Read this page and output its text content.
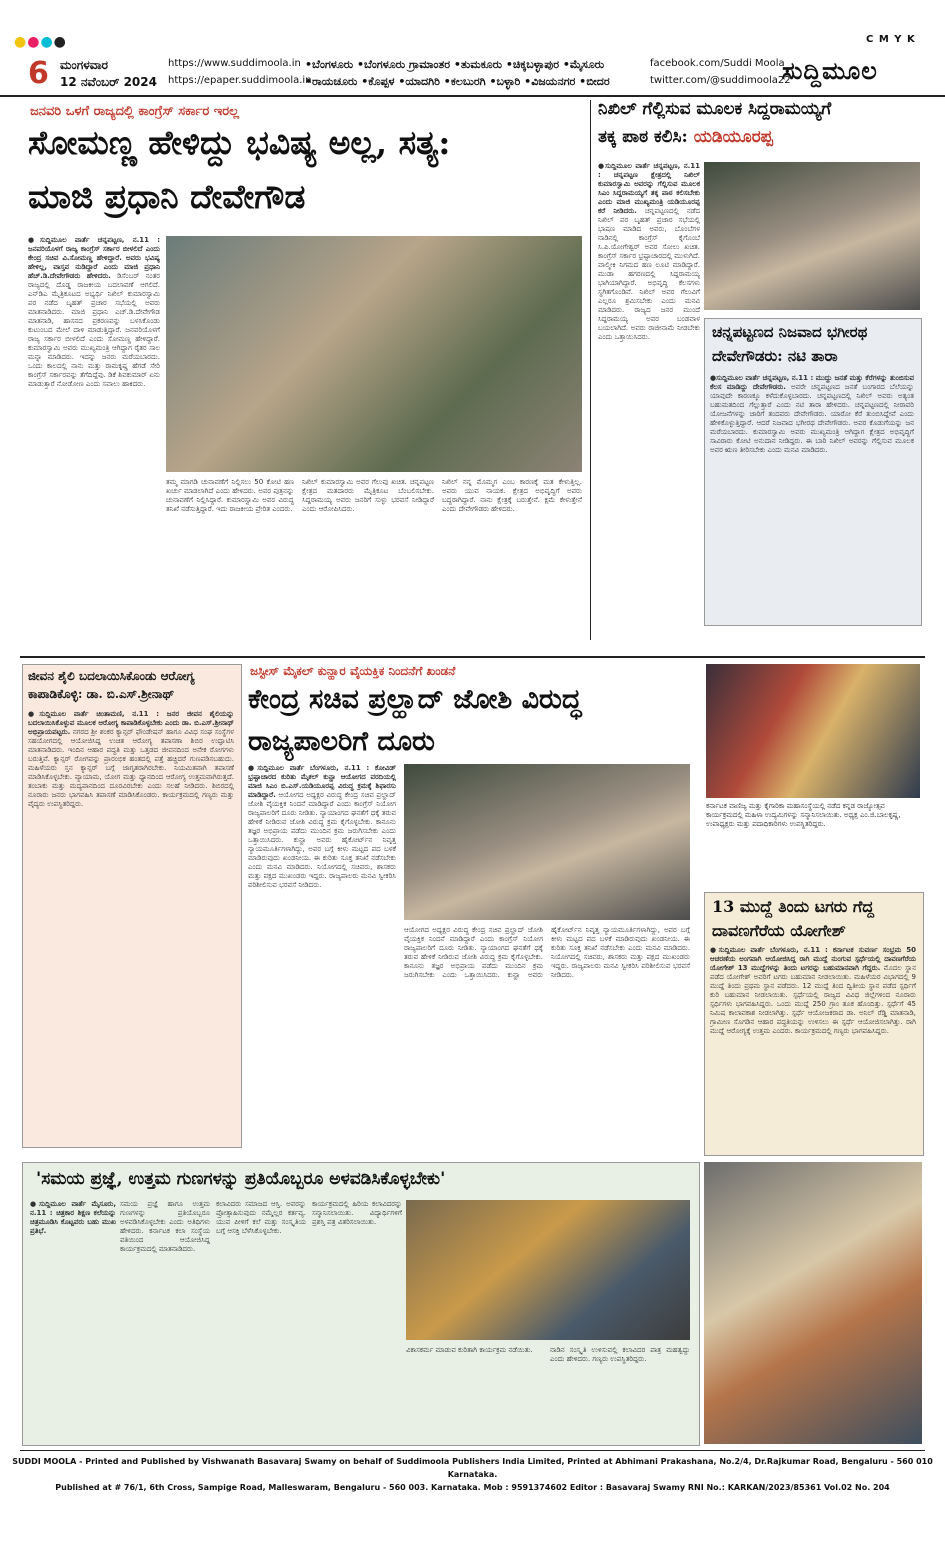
●●●●	C M Y K
6 ಮಂಗಳವಾರ
12 ನವೆಂಬರ್ 2024
https://www.suddimoola.in
https://epaper.suddimoola.in
•ಬೆಂಗಳೂರು •ಬೆಂಗಳೂರು ಗ್ರಾಮಾಂತರ •ತುಮಕೂರು •ಚಿಕ್ಕಬಳ್ಳಾಪುರ •ಮೈಸೂರು
•ರಾಯಚೂರು •ಕೊಪ್ಪಳ •ಯಾದಗಿರಿ •ಕಲಬುರಗಿ •ಬಳ್ಳಾರಿ •ವಿಜಯನಗರ •ಬೀದರ
facebook.com/Suddi Moola
twitter.com/@suddimoola22
ಸುದ್ದಿಮೂಲ
ಜನವರಿ ಒಳಗೆ ರಾಜ್ಯದಲ್ಲಿ ಕಾಂಗ್ರೆಸ್ ಸರ್ಕಾರ ಇರಲ್ಲ
ಸೋಮಣ್ಣ ಹೇಳಿದ್ದು ಭವಿಷ್ಯ ಅಲ್ಲ, ಸತ್ಯ:
ಮಾಜಿ ಪ್ರಧಾನಿ ದೇವೇಗೌಡ
●ಸುದ್ದಿಮೂಲ ವಾರ್ತೆ ಚನ್ನಪಟ್ಟಣ, ನ.11 : ಜನವರಿಯೊಳಗೆ ರಾಜ್ಯ ಕಾಂಗ್ರೆಸ್ ಸರ್ಕಾರ ಬೀಳಲಿದೆ ಎಂದು ಕೇಂದ್ರ ಸಚಿವ ವಿ.ಸೋಮಣ್ಣ ಹೇಳಿದ್ದಾರೆ. ಅವರು ಭವಿಷ್ಯ ಹೇಳಿಲ್ಲ, ವಾಸ್ತವ ನುಡಿದ್ದಾರೆ ಎಂದು ಮಾಜಿ ಪ್ರಧಾನಿ ಹೆಚ್.ಡಿ.ದೇವೇಗೌಡರು ಹೇಳಿದರು. ಡಿಸೆಂಬರ್ ನಂತರ ರಾಜ್ಯದಲ್ಲಿ ದೊಡ್ಡ ರಾಜಕೀಯ ಬದಲಾವಣೆ ಆಗಲಿದೆ. ಎನ್‌ಡಿಎ ಮೈತ್ರಿಕೂಟದ ಅಭ್ಯರ್ಥಿ ನಿಖಿಲ್ ಕುಮಾರಸ್ವಾಮಿ ಪರ ನಡೆದ ಬೃಹತ್ ಪ್ರಚಾರ ಸಭೆಯಲ್ಲಿ ಅವರು ಮಾತನಾಡಿದರು. ಮಾಜಿ ಪ್ರಧಾನಿ ಎಚ್.ಡಿ.ದೇವೇಗೌಡ ಮಾತನಾಡಿ, ಹಾಸನದ ಪ್ರಕರಣವನ್ನು ಬಳಸಿಕೊಂಡು ಕುಟುಂಬದ ಮೇಲೆ ದಾಳಿ ಮಾಡುತ್ತಿದ್ದಾರೆ. ಜನವರಿಯೊಳಗೆ ರಾಜ್ಯ ಸರ್ಕಾರ ಬೀಳಲಿದೆ ಎಂದು ಸೋಮಣ್ಣ ಹೇಳಿದ್ದಾರೆ. ಕುಮಾರಸ್ವಾಮಿ ಅವರು ಮುಖ್ಯಮಂತ್ರಿ ಆಗಿದ್ದಾಗ ರೈತರ ಸಾಲ ಮನ್ನಾ ಮಾಡಿದರು. ಇದನ್ನು ಜನರು ಮರೆಯಬಾರದು. ಒಂದು ಕಾಲದಲ್ಲಿ ನಾನು ಮತ್ತು ರಾಮಕೃಷ್ಣ ಹೆಗಡೆ ಸೇರಿ ಕಾಂಗ್ರೆಸ್ ಸರ್ಕಾರವನ್ನು ತೆಗೆದಿದ್ದೆವು. ಡಿಕೆ ಶಿವಕುಮಾರ್ ಏನು ಮಾಡುತ್ತಾರೆ ನೋಡೋಣ ಎಂದು ಸವಾಲು ಹಾಕಿದರು.
ತಮ್ಮ ಮಾಗಡಿ ಚುನಾವಣೆಗೆ ನಿಲ್ಲಿಸಲು 50 ಕೋಟಿ ಹಣ ಖರ್ಚು ಮಾಡಲಾಗಿದೆ ಎಂದು ಹೇಳಿದರು. ಅವರ ಪುತ್ರನನ್ನು ಚುನಾವಣೆಗೆ ನಿಲ್ಲಿಸಿದ್ದಾರೆ. ಕುಮಾರಸ್ವಾಮಿ ಅವರ ವಿರುದ್ಧ ತನಿಖೆ ನಡೆಸುತ್ತಿದ್ದಾರೆ. ಇದು ರಾಜಕೀಯ ಪ್ರೇರಿತ ಎಂದರು.
ನಿಖಿಲ್ ಕುಮಾರಸ್ವಾಮಿ ಅವರ ಗೆಲುವು ಖಚಿತ. ಚನ್ನಪಟ್ಟಣ ಕ್ಷೇತ್ರದ ಮತದಾರರು ಮೈತ್ರಿಕೂಟ ಬೆಂಬಲಿಸಬೇಕು. ಸಿದ್ದರಾಮಯ್ಯ ಅವರು ಜನರಿಗೆ ಸುಳ್ಳು ಭರವಸೆ ನೀಡಿದ್ದಾರೆ ಎಂದು ಆರೋಪಿಸಿದರು.
ನಿಖಿಲ್ ನನ್ನ ಮೊಮ್ಮಗ ಎಂಬ ಕಾರಣಕ್ಕೆ ಮತ ಕೇಳುತ್ತಿಲ್ಲ. ಅವರು ಯುವ ನಾಯಕ. ಕ್ಷೇತ್ರದ ಅಭಿವೃದ್ಧಿಗೆ ಅವರು ಬದ್ಧರಾಗಿದ್ದಾರೆ. ನಾನು ಕ್ಷೇತ್ರಕ್ಕೆ ಬರುತ್ತೇನೆ. ಕ್ಷಮೆ ಕೇಳುತ್ತೇನೆ ಎಂದು ದೇವೇಗೌಡರು ಹೇಳಿದರು.
ನಿಖಿಲ್ ಗೆಲ್ಲಿಸುವ ಮೂಲಕ ಸಿದ್ದರಾಮಯ್ಯಗೆ
ತಕ್ಕ ಪಾಠ ಕಲಿಸಿ: ಯಡಿಯೂರಪ್ಪ
●ಸುದ್ದಿಮೂಲ ವಾರ್ತೆ ಚನ್ನಪಟ್ಟಣ, ನ.11 : ಚನ್ನಪಟ್ಟಣ ಕ್ಷೇತ್ರದಲ್ಲಿ ನಿಖಿಲ್ ಕುಮಾರಸ್ವಾಮಿ ಅವರನ್ನು ಗೆಲ್ಲಿಸುವ ಮೂಲಕ ಸಿಎಂ ಸಿದ್ದರಾಮಯ್ಯಗೆ ತಕ್ಕ ಪಾಠ ಕಲಿಸಬೇಕು ಎಂದು ಮಾಜಿ ಮುಖ್ಯಮಂತ್ರಿ ಯಡಿಯೂರಪ್ಪ ಕರೆ ನೀಡಿದರು. ಚನ್ನಪಟ್ಟಣದಲ್ಲಿ ನಡೆದ ನಿಖಿಲ್ ಪರ ಬೃಹತ್ ಪ್ರಚಾರ ಸಭೆಯಲ್ಲಿ ಭಾಷಣ ಮಾಡಿದ ಅವರು, ಬೊಂಬೆಗಳ ನಾಡಿನಲ್ಲಿ ಕಾಂಗ್ರೆಸ್ ಕೈಗೊಂಬೆ ಸಿ.ಪಿ.ಯೋಗೇಶ್ವರ್ ಅವರ ಸೋಲು ಖಚಿತ. ಕಾಂಗ್ರೆಸ್ ಸರ್ಕಾರ ಭ್ರಷ್ಟಾಚಾರದಲ್ಲಿ ಮುಳುಗಿದೆ. ವಾಲ್ಮೀಕಿ ನಿಗಮದ ಹಣ ಲೂಟಿ ಮಾಡಿದ್ದಾರೆ. ಮುಡಾ ಹಗರಣದಲ್ಲಿ ಸಿದ್ದರಾಮಯ್ಯ ಭಾಗಿಯಾಗಿದ್ದಾರೆ. ಅಭಿವೃದ್ಧಿ ಕೆಲಸಗಳು ಸ್ಥಗಿತಗೊಂಡಿವೆ. ನಿಖಿಲ್ ಅವರ ಗೆಲುವಿಗೆ ಎಲ್ಲರೂ ಶ್ರಮಿಸಬೇಕು ಎಂದು ಮನವಿ ಮಾಡಿದರು. ರಾಜ್ಯದ ಜನರ ಮುಂದೆ ಸಿದ್ದರಾಮಯ್ಯ ಅವರ ಬಂಡವಾಳ ಬಯಲಾಗಿದೆ. ಅವರು ರಾಜೀನಾಮೆ ನೀಡಬೇಕು ಎಂದು ಒತ್ತಾಯಿಸಿದರು.	ಚನ್ನಪಟ್ಟಣದ ನಿಜವಾದ ಭಗೀರಥ
ದೇವೇಗೌಡರು: ನಟಿ ತಾರಾ
●ಸುದ್ದಿಮೂಲ ವಾರ್ತೆ ಚನ್ನಪಟ್ಟಣ, ನ.11 : ಮುದ್ದು ಜನತೆ ಮತ್ತು ಕೆರೆಗಳನ್ನು ತುಂಬಿಸುವ ಕೆಲಸ ಮಾಡಿದ್ದು ದೇವೇಗೌಡರು. ಅವರೇ ಚನ್ನಪಟ್ಟಣದ ಜನತೆ ಬಂಗಾರದ ಬೆಲೆಯನ್ನು ಯಾವುದೇ ಕಾರಣಕ್ಕೂ ಕಳೆದುಕೊಳ್ಳಬಾರದು. ಚನ್ನಪಟ್ಟಣದಲ್ಲಿ ನಿಖಿಲ್ ಅವರು ಅತ್ಯಂತ ಬಹುಮತದಿಂದ ಗೆಲ್ಲುತ್ತಾರೆ ಎಂದು ನಟಿ ತಾರಾ ಹೇಳಿದರು. ಚನ್ನಪಟ್ಟಣದಲ್ಲಿ ನೀರಾವರಿ ಯೋಜನೆಗಳನ್ನು ಜಾರಿಗೆ ತಂದವರು ದೇವೇಗೌಡರು. ಯಾರೋ ಕೆರೆ ತುಂಬಿಸಿದ್ದೇವೆ ಎಂದು ಹೇಳಿಕೊಳ್ಳುತ್ತಿದ್ದಾರೆ. ಆದರೆ ನಿಜವಾದ ಭಗೀರಥ ದೇವೇಗೌಡರು. ಅವರ ಕೊಡುಗೆಯನ್ನು ಜನ ಮರೆಯಬಾರದು. ಕುಮಾರಸ್ವಾಮಿ ಅವರು ಮುಖ್ಯಮಂತ್ರಿ ಆಗಿದ್ದಾಗ ಕ್ಷೇತ್ರದ ಅಭಿವೃದ್ಧಿಗೆ ಸಾವಿರಾರು ಕೋಟಿ ಅನುದಾನ ನೀಡಿದ್ದರು. ಈ ಬಾರಿ ನಿಖಿಲ್ ಅವರನ್ನು ಗೆಲ್ಲಿಸುವ ಮೂಲಕ ಅವರ ಋಣ ತೀರಿಸಬೇಕು ಎಂದು ಮನವಿ ಮಾಡಿದರು.
ಜೀವನ ಶೈಲಿ ಬದಲಾಯಿಸಿಕೊಂಡು ಆರೋಗ್ಯ
ಕಾಪಾಡಿಕೊಳ್ಳಿ: ಡಾ. ಬಿ.ಎಸ್.ಶ್ರೀನಾಥ್
●ಸುದ್ದಿಮೂಲ ವಾರ್ತೆ ಚಿಂತಾಮಣಿ, ನ.11 : ಜನರ ಜೀವನ ಶೈಲಿಯನ್ನು ಬದಲಾಯಿಸಿಕೊಳ್ಳುವ ಮೂಲಕ ಆರೋಗ್ಯ ಕಾಪಾಡಿಕೊಳ್ಳಬೇಕು ಎಂದು ಡಾ. ಬಿ.ಎಸ್.ಶ್ರೀನಾಥ್ ಅಭಿಪ್ರಾಯಪಟ್ಟರು. ನಗರದ ಶ್ರೀ ಶಂಕರ ಕ್ಯಾನ್ಸರ್ ಫೌಂಡೇಷನ್ ಹಾಗೂ ವಿವಿಧ ಸಂಘ ಸಂಸ್ಥೆಗಳ ಸಹಯೋಗದಲ್ಲಿ ಆಯೋಜಿಸಿದ್ದ ಉಚಿತ ಆರೋಗ್ಯ ತಪಾಸಣಾ ಶಿಬಿರ ಉದ್ಘಾಟಿಸಿ ಮಾತನಾಡಿದರು. ಇಂದಿನ ಆಹಾರ ಪದ್ಧತಿ ಮತ್ತು ಒತ್ತಡದ ಜೀವನದಿಂದ ಅನೇಕ ರೋಗಗಳು ಬರುತ್ತಿವೆ. ಕ್ಯಾನ್ಸರ್ ರೋಗವನ್ನು ಪ್ರಾರಂಭಿಕ ಹಂತದಲ್ಲಿ ಪತ್ತೆ ಹಚ್ಚಿದರೆ ಗುಣಪಡಿಸಬಹುದು. ಮಹಿಳೆಯರು ಸ್ತನ ಕ್ಯಾನ್ಸರ್ ಬಗ್ಗೆ ಜಾಗೃತರಾಗಿರಬೇಕು. ನಿಯಮಿತವಾಗಿ ತಪಾಸಣೆ ಮಾಡಿಸಿಕೊಳ್ಳಬೇಕು. ವ್ಯಾಯಾಮ, ಯೋಗ ಮತ್ತು ಧ್ಯಾನದಿಂದ ಆರೋಗ್ಯ ಉತ್ತಮವಾಗಿರುತ್ತದೆ. ತಂಬಾಕು ಮತ್ತು ಮದ್ಯಪಾನದಿಂದ ದೂರವಿರಬೇಕು ಎಂದು ಸಲಹೆ ನೀಡಿದರು. ಶಿಬಿರದಲ್ಲಿ ನೂರಾರು ಜನರು ಭಾಗವಹಿಸಿ ತಪಾಸಣೆ ಮಾಡಿಸಿಕೊಂಡರು. ಕಾರ್ಯಕ್ರಮದಲ್ಲಿ ಗಣ್ಯರು ಮತ್ತು ವೈದ್ಯರು ಉಪಸ್ಥಿತರಿದ್ದರು.
ಜಸ್ಟೀಸ್ ಮೈಕಲ್ ಕುನ್ಹಾರ ವೈಯಕ್ತಿಕ ನಿಂದನೆಗೆ ಖಂಡನೆ
ಕೇಂದ್ರ ಸಚಿವ ಪ್ರಲ್ಹಾದ್ ಜೋಶಿ ವಿರುದ್ಧ
ರಾಜ್ಯಪಾಲರಿಗೆ ದೂರು
●ಸುದ್ದಿಮೂಲ ವಾರ್ತೆ ಬೆಂಗಳೂರು, ನ.11 : ಕೋವಿಡ್ ಭ್ರಷ್ಟಾಚಾರದ ಕುರಿತು ಮೈಕಲ್ ಕುನ್ಹಾ ಆಯೋಗದ ವರದಿಯಲ್ಲಿ ಮಾಜಿ ಸಿಎಂ ಬಿ.ಎಸ್.ಯಡಿಯೂರಪ್ಪ ವಿರುದ್ಧ ಕ್ರಮಕ್ಕೆ ಶಿಫಾರಸು ಮಾಡಿದ್ದಾರೆ. ಆಯೋಗದ ಅಧ್ಯಕ್ಷರ ವಿರುದ್ಧ ಕೇಂದ್ರ ಸಚಿವ ಪ್ರಲ್ಹಾದ್ ಜೋಶಿ ವೈಯಕ್ತಿಕ ನಿಂದನೆ ಮಾಡಿದ್ದಾರೆ ಎಂದು ಕಾಂಗ್ರೆಸ್ ನಿಯೋಗ ರಾಜ್ಯಪಾಲರಿಗೆ ದೂರು ನೀಡಿತು. ನ್ಯಾಯಾಂಗದ ಘನತೆಗೆ ಧಕ್ಕೆ ತರುವ ಹೇಳಿಕೆ ನೀಡಿರುವ ಜೋಶಿ ವಿರುದ್ಧ ಕ್ರಮ ಕೈಗೊಳ್ಳಬೇಕು. ಕಾನೂನು ತಜ್ಞರ ಅಭಿಪ್ರಾಯ ಪಡೆದು ಮುಂದಿನ ಕ್ರಮ ಜರುಗಿಸಬೇಕು ಎಂದು ಒತ್ತಾಯಿಸಿದರು. ಕುನ್ಹಾ ಅವರು ಹೈಕೋರ್ಟ್‌ನ ನಿವೃತ್ತ ನ್ಯಾಯಮೂರ್ತಿಗಳಾಗಿದ್ದು, ಅವರ ಬಗ್ಗೆ ಕೀಳು ಮಟ್ಟದ ಪದ ಬಳಕೆ ಮಾಡಿರುವುದು ಖಂಡನೀಯ. ಈ ಕುರಿತು ಸೂಕ್ತ ತನಿಖೆ ನಡೆಸಬೇಕು ಎಂದು ಮನವಿ ಮಾಡಿದರು. ನಿಯೋಗದಲ್ಲಿ ಸಚಿವರು, ಶಾಸಕರು ಮತ್ತು ಪಕ್ಷದ ಮುಖಂಡರು ಇದ್ದರು. ರಾಜ್ಯಪಾಲರು ಮನವಿ ಸ್ವೀಕರಿಸಿ ಪರಿಶೀಲಿಸುವ ಭರವಸೆ ನೀಡಿದರು.
ಆಯೋಗದ ಅಧ್ಯಕ್ಷರ ವಿರುದ್ಧ ಕೇಂದ್ರ ಸಚಿವ ಪ್ರಲ್ಹಾದ್ ಜೋಶಿ ವೈಯಕ್ತಿಕ ನಿಂದನೆ ಮಾಡಿದ್ದಾರೆ ಎಂದು ಕಾಂಗ್ರೆಸ್ ನಿಯೋಗ ರಾಜ್ಯಪಾಲರಿಗೆ ದೂರು ನೀಡಿತು. ನ್ಯಾಯಾಂಗದ ಘನತೆಗೆ ಧಕ್ಕೆ ತರುವ ಹೇಳಿಕೆ ನೀಡಿರುವ ಜೋಶಿ ವಿರುದ್ಧ ಕ್ರಮ ಕೈಗೊಳ್ಳಬೇಕು. ಕಾನೂನು ತಜ್ಞರ ಅಭಿಪ್ರಾಯ ಪಡೆದು ಮುಂದಿನ ಕ್ರಮ ಜರುಗಿಸಬೇಕು ಎಂದು ಒತ್ತಾಯಿಸಿದರು. ಕುನ್ಹಾ ಅವರು ಹೈಕೋರ್ಟ್‌ನ ನಿವೃತ್ತ ನ್ಯಾಯಮೂರ್ತಿಗಳಾಗಿದ್ದು, ಅವರ ಬಗ್ಗೆ ಕೀಳು ಮಟ್ಟದ ಪದ ಬಳಕೆ ಮಾಡಿರುವುದು ಖಂಡನೀಯ. ಈ ಕುರಿತು ಸೂಕ್ತ ತನಿಖೆ ನಡೆಸಬೇಕು ಎಂದು ಮನವಿ ಮಾಡಿದರು. ನಿಯೋಗದಲ್ಲಿ ಸಚಿವರು, ಶಾಸಕರು ಮತ್ತು ಪಕ್ಷದ ಮುಖಂಡರು ಇದ್ದರು. ರಾಜ್ಯಪಾಲರು ಮನವಿ ಸ್ವೀಕರಿಸಿ ಪರಿಶೀಲಿಸುವ ಭರವಸೆ ನೀಡಿದರು.
ಕರ್ನಾಟಕ ವಾಣಿಜ್ಯ ಮತ್ತು ಕೈಗಾರಿಕಾ ಮಹಾಸಂಸ್ಥೆಯಲ್ಲಿ ನಡೆದ ಕನ್ನಡ ರಾಜ್ಯೋತ್ಸವ ಕಾರ್ಯಕ್ರಮದಲ್ಲಿ ಮಹಿಳಾ ಉದ್ಯಮಿಗಳನ್ನು ಸನ್ಮಾನಿಸಲಾಯಿತು. ಅಧ್ಯಕ್ಷ ಎಂ.ಜಿ.ಬಾಲಕೃಷ್ಣ, ಉಪಾಧ್ಯಕ್ಷರು ಮತ್ತು ಪದಾಧಿಕಾರಿಗಳು ಉಪಸ್ಥಿತರಿದ್ದರು.
13 ಮುದ್ದೆ ತಿಂದು ಟಗರು ಗೆದ್ದ
ದಾವಣಗೆರೆಯ ಯೋಗೇಶ್
●ಸುದ್ದಿಮೂಲ ವಾರ್ತೆ ಬೆಂಗಳೂರು, ನ.11 : ಕರ್ನಾಟಕ ಸುವರ್ಣ ಸಂಭ್ರಮ 50 ಆಚರಣೆಯ ಅಂಗವಾಗಿ ಆಯೋಜಿಸಿದ್ದ ರಾಗಿ ಮುದ್ದೆ ನುಂಗುವ ಸ್ಪರ್ಧೆಯಲ್ಲಿ ದಾವಣಗೆರೆಯ ಯೋಗೇಶ್ 13 ಮುದ್ದೆಗಳನ್ನು ತಿಂದು ಟಗರನ್ನು ಬಹುಮಾನವಾಗಿ ಗೆದ್ದರು. ಮೊದಲ ಸ್ಥಾನ ಪಡೆದ ಯೋಗೇಶ್ ಅವರಿಗೆ ಟಗರು ಬಹುಮಾನ ನೀಡಲಾಯಿತು. ಮಹಿಳೆಯರ ವಿಭಾಗದಲ್ಲಿ 9 ಮುದ್ದೆ ತಿಂದು ಪ್ರಥಮ ಸ್ಥಾನ ಪಡೆದರು. 12 ಮುದ್ದೆ ತಿಂದ ದ್ವಿತೀಯ ಸ್ಥಾನ ಪಡೆದ ಸ್ಪರ್ಧಿಗೆ ಕುರಿ ಬಹುಮಾನ ನೀಡಲಾಯಿತು. ಸ್ಪರ್ಧೆಯಲ್ಲಿ ರಾಜ್ಯದ ವಿವಿಧ ಜಿಲ್ಲೆಗಳಿಂದ ನೂರಾರು ಸ್ಪರ್ಧಿಗಳು ಭಾಗವಹಿಸಿದ್ದರು. ಒಂದು ಮುದ್ದೆ 250 ಗ್ರಾಂ ತೂಕ ಹೊಂದಿತ್ತು. ಸ್ಪರ್ಧೆಗೆ 45 ನಿಮಿಷ ಕಾಲಾವಕಾಶ ನೀಡಲಾಗಿತ್ತು. ಸ್ಪರ್ಧೆ ಆಯೋಜಕರಾದ ಡಾ. ಅನಿಲ್ ರೆಡ್ಡಿ ಮಾತನಾಡಿ, ಗ್ರಾಮೀಣ ಸೊಗಡಿನ ಆಹಾರ ಪದ್ಧತಿಯನ್ನು ಉಳಿಸಲು ಈ ಸ್ಪರ್ಧೆ ಆಯೋಜಿಸಲಾಗಿತ್ತು. ರಾಗಿ ಮುದ್ದೆ ಆರೋಗ್ಯಕ್ಕೆ ಉತ್ತಮ ಎಂದರು. ಕಾರ್ಯಕ್ರಮದಲ್ಲಿ ಗಣ್ಯರು ಭಾಗವಹಿಸಿದ್ದರು.
'ಸಮಯ ಪ್ರಜ್ಞೆ, ಉತ್ತಮ ಗುಣಗಳನ್ನು ಪ್ರತಿಯೊಬ್ಬರೂ ಅಳವಡಿಸಿಕೊಳ್ಳಬೇಕು'
●ಸುದ್ದಿಮೂಲ ವಾರ್ತೆ ಮೈಸೂರು, ನ.11 : ಚಿತ್ರಕಾರ ಶಿಕ್ಷಣ ಕಲೆಯನ್ನು ಚಿತ್ರಮೂಡಿಸಿ ಕೊಟ್ಟವರು ಬಹು ಮುಖ ಪ್ರತಿಭೆ.
ಸಮಯ ಪ್ರಜ್ಞೆ ಹಾಗೂ ಉತ್ತಮ ಗುಣಗಳನ್ನು ಪ್ರತಿಯೊಬ್ಬರೂ ಅಳವಡಿಸಿಕೊಳ್ಳಬೇಕು ಎಂದು ಅತಿಥಿಗಳು ಹೇಳಿದರು. ಕರ್ನಾಟಕ ಕಲಾ ಸಂಸ್ಥೆಯ ವತಿಯಿಂದ ಆಯೋಜಿಸಿದ್ದ ಕಾರ್ಯಕ್ರಮದಲ್ಲಿ ಮಾತನಾಡಿದರು.
ಕಲಾವಿದರು ಸಮಾಜದ ಆಸ್ತಿ. ಅವರನ್ನು ಪ್ರೋತ್ಸಾಹಿಸುವುದು ನಮ್ಮೆಲ್ಲರ ಕರ್ತವ್ಯ. ಯುವ ಪೀಳಿಗೆ ಕಲೆ ಮತ್ತು ಸಂಸ್ಕೃತಿಯ ಬಗ್ಗೆ ಆಸಕ್ತಿ ಬೆಳೆಸಿಕೊಳ್ಳಬೇಕು.
ಕಾರ್ಯಕ್ರಮದಲ್ಲಿ ಹಿರಿಯ ಕಲಾವಿದರನ್ನು ಸನ್ಮಾನಿಸಲಾಯಿತು. ವಿದ್ಯಾರ್ಥಿಗಳಿಗೆ ಪ್ರಶಸ್ತಿ ಪತ್ರ ವಿತರಿಸಲಾಯಿತು.
ವಿಕಾಸಕರ್ಮ ಮಾಡುವ ಕುರಿತಾಗಿ ಕಾರ್ಯಕ್ರಮ ನಡೆಯಿತು.	ನಾಡಿನ ಸಂಸ್ಕೃತಿ ಉಳಿಸುವಲ್ಲಿ ಕಲಾವಿದರ ಪಾತ್ರ ಮಹತ್ವದ್ದು ಎಂದು ಹೇಳಿದರು. ಗಣ್ಯರು ಉಪಸ್ಥಿತರಿದ್ದರು.
SUDDI MOOLA - Printed and Published by Vishwanath Basavaraj Swamy on behalf of Suddimoola Publishers India Limited, Printed at Abhimani Prakashana, No.2/4, Dr.Rajkumar Road, Bengaluru - 560 010 Karnataka.
Published at # 76/1, 6th Cross, Sampige Road, Malleswaram, Bengaluru - 560 003. Karnataka. Mob : 9591374602 Editor : Basavaraj Swamy RNI No.: KARKAN/2023/85361 Vol.02 No. 204
